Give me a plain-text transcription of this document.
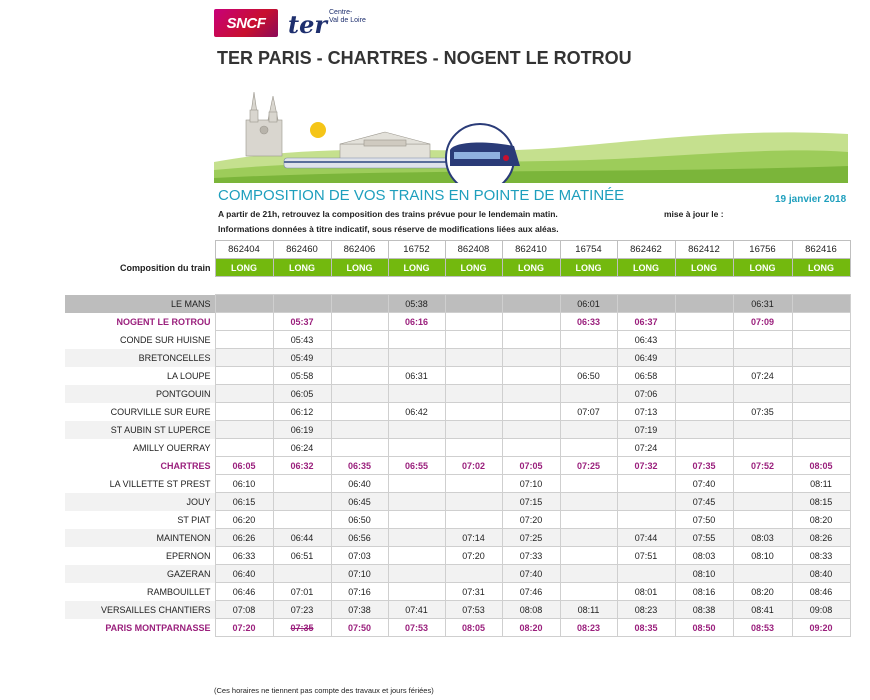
SNCF ter Centre-
Val de Loire
TER PARIS - CHARTRES - NOGENT LE ROTROU
COMPOSITION DE VOS TRAINS EN POINTE DE MATINÉE	19 janvier 2018
A partir de 21h, retrouvez la composition des trains prévue pour le lendemain matin.	mise à jour le :
Informations données à titre indicatif, sous réserve de modifications liées aux aléas.
	862404	862460	862406	16752	862408	862410	16754	862462	862412	16756	862416
Composition du train	LONG	LONG	LONG	LONG	LONG	LONG	LONG	LONG	LONG	LONG	LONG

LE MANS				05:38			06:01			06:31	
NOGENT LE ROTROU		05:37		06:16			06:33	06:37		07:09	
CONDE SUR HUISNE		05:43						06:43			
BRETONCELLES		05:49						06:49			
LA LOUPE		05:58		06:31			06:50	06:58		07:24	
PONTGOUIN		06:05						07:06			
COURVILLE SUR EURE		06:12		06:42			07:07	07:13		07:35	
ST AUBIN ST LUPERCE		06:19						07:19			
AMILLY OUERRAY		06:24						07:24			
CHARTRES	06:05	06:32	06:35	06:55	07:02	07:05	07:25	07:32	07:35	07:52	08:05
LA VILLETTE ST PREST	06:10		06:40			07:10			07:40		08:11
JOUY	06:15		06:45			07:15			07:45		08:15
ST PIAT	06:20		06:50			07:20			07:50		08:20
MAINTENON	06:26	06:44	06:56		07:14	07:25		07:44	07:55	08:03	08:26
EPERNON	06:33	06:51	07:03		07:20	07:33		07:51	08:03	08:10	08:33
GAZERAN	06:40		07:10			07:40			08:10		08:40
RAMBOUILLET	06:46	07:01	07:16		07:31	07:46		08:01	08:16	08:20	08:46
VERSAILLES CHANTIERS	07:08	07:23	07:38	07:41	07:53	08:08	08:11	08:23	08:38	08:41	09:08
PARIS MONTPARNASSE	07:20	07:35	07:50	07:53	08:05	08:20	08:23	08:35	08:50	08:53	09:20
(Ces horaires ne tiennent pas compte des travaux et jours fériées)
